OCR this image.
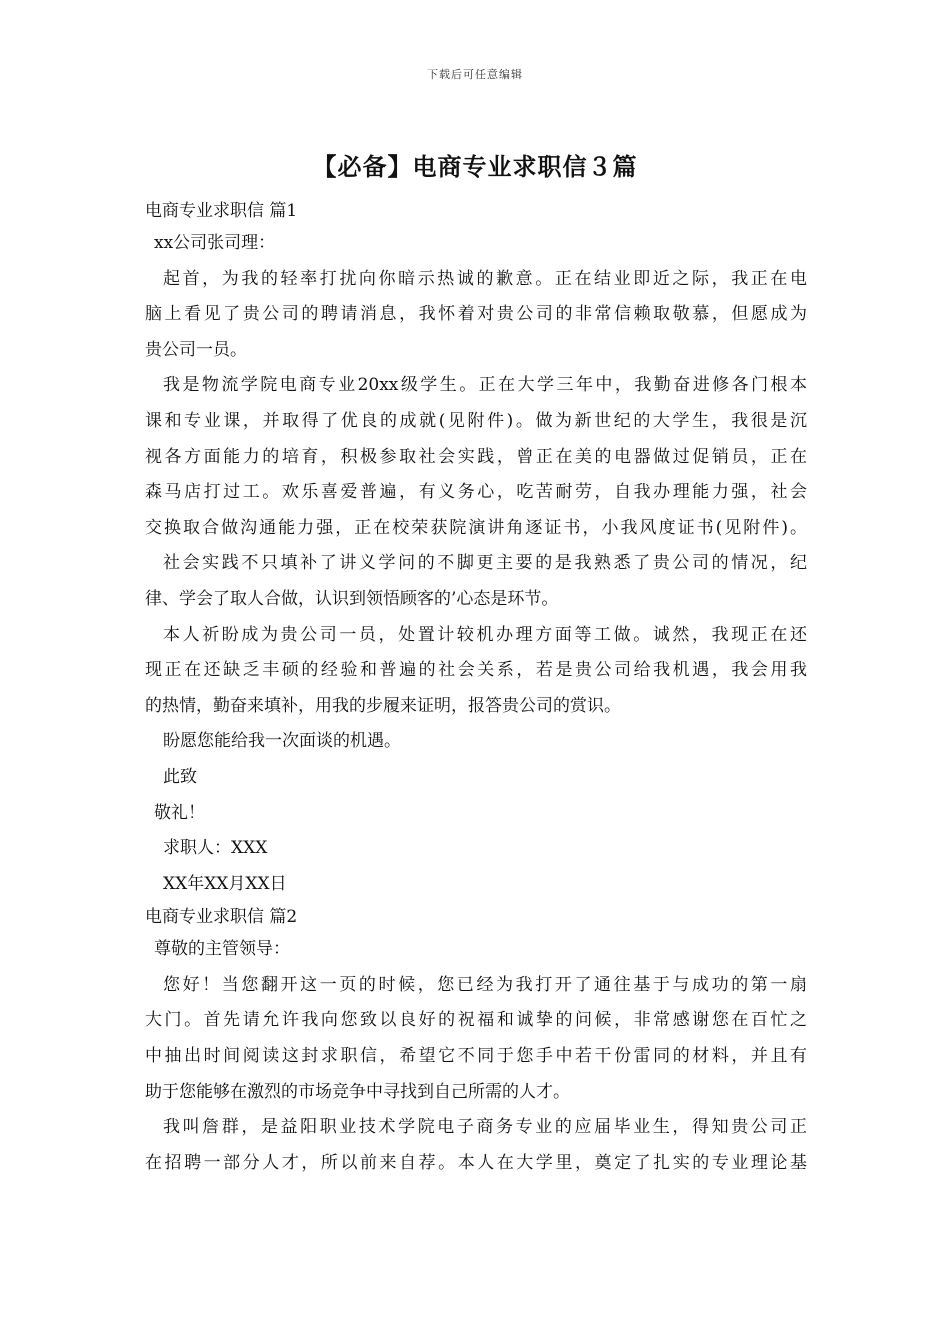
下载后可任意编辑
【必备】电商专业求职信３篇
电商专业求职信 篇1
xx公司张司理：
起首，为我的轻率打扰向你暗示热诚的歉意。正在结业即近之际，我正在电
脑上看见了贵公司的聘请消息，我怀着对贵公司的非常信赖取敬慕，但愿成为
贵公司一员。
我是物流学院电商专业20xx级学生。正在大学三年中，我勤奋进修各门根本
课和专业课，并取得了优良的成就(见附件)。做为新世纪的大学生，我很是沉
视各方面能力的培育，积极参取社会实践，曾正在美的电器做过促销员，正在
森马店打过工。欢乐喜爱普遍，有义务心，吃苦耐劳，自我办理能力强，社会
交换取合做沟通能力强，正在校荣获院演讲角逐证书，小我风度证书(见附件)。
社会实践不只填补了讲义学问的不脚更主要的是我熟悉了贵公司的情况，纪
律、学会了取人合做，认识到领悟顾客的’心态是环节。
本人祈盼成为贵公司一员，处置计较机办理方面等工做。诚然，我现正在还
现正在还缺乏丰硕的经验和普遍的社会关系，若是贵公司给我机遇，我会用我
的热情，勤奋来填补，用我的步履来证明，报答贵公司的赏识。
盼愿您能给我一次面谈的机遇。
此致
敬礼！
求职人：XXX
XX年XX月XX日
电商专业求职信 篇2
尊敬的主管领导：
您好！当您翻开这一页的时候，您已经为我打开了通往基于与成功的第一扇
大门。首先请允许我向您致以良好的祝福和诚挚的问候，非常感谢您在百忙之
中抽出时间阅读这封求职信，希望它不同于您手中若干份雷同的材料，并且有
助于您能够在激烈的市场竞争中寻找到自己所需的人才。
我叫詹群，是益阳职业技术学院电子商务专业的应届毕业生，得知贵公司正
在招聘一部分人才，所以前来自荐。本人在大学里，奠定了扎实的专业理论基
